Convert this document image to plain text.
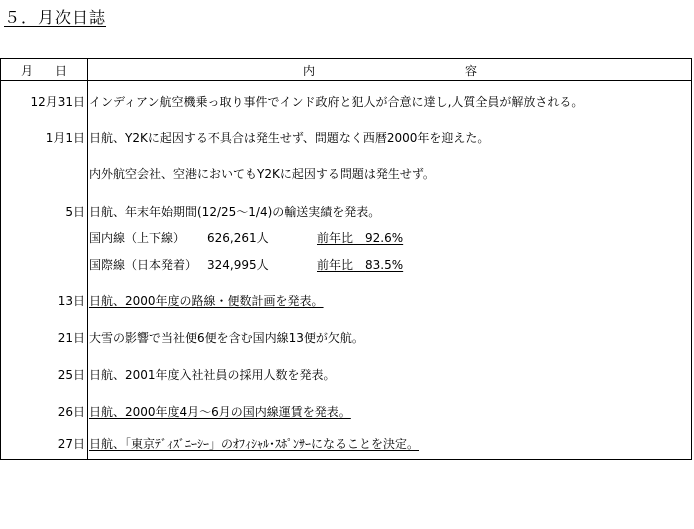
５．月次日誌
月日	内容
12月31日 インディアン航空機乗っ取り事件でインド政府と犯人が合意に達し,人質全員が解放される。
1月1日 日航、Y2Kに起因する不具合は発生せず、問題なく西暦2000年を迎えた。
内外航空会社、空港においてもY2Kに起因する問題は発生せず。
5日 日航、年末年始期間(12/25～1/4)の輸送実績を発表。
国内線（上下線） 626,261人	前年比　 92.6%
国際線（日本発着） 324,995人	前年比　 83.5%
13日 日航、2000年度の路線・便数計画を発表。
21日 大雪の影響で当社便6便を含む国内線13便が欠航。
25日 日航、2001年度入社社員の採用人数を発表。
26日 日航、2000年度4月～6月の国内線運賃を発表。
27日 日航、「東京ﾃﾞｨｽﾞﾆｰｼｰ」のｵﾌｨｼｬﾙ･ｽﾎﾟﾝｻｰになることを決定。
